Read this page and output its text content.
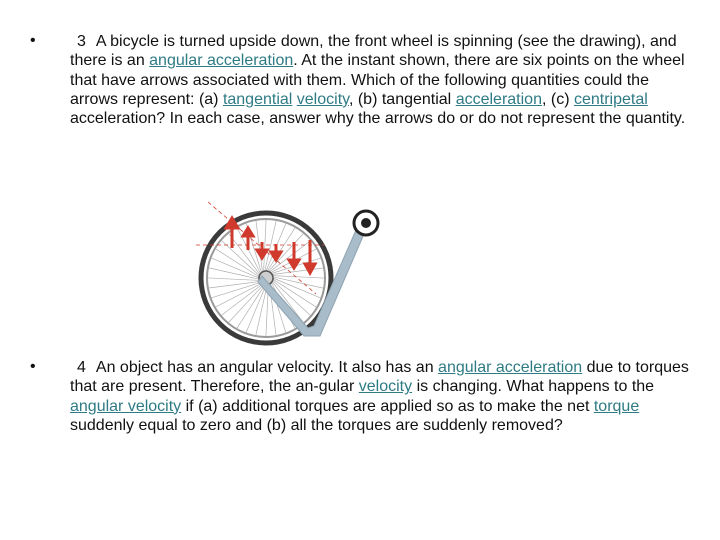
•	3 A bicycle is turned upside down, the front wheel is spinning (see the drawing), and there is an angular acceleration. At the instant shown, there are six points on the wheel that have arrows associated with them. Which of the following quantities could the arrows represent: (a) tangential velocity, (b) tangential acceleration, (c) centripetal acceleration? In each case, answer why the arrows do or do not represent the quantity.

•	4 An object has an angular velocity. It also has an angular acceleration due to torques that are present. Therefore, the an-gular velocity is changing. What happens to the angular velocity if (a) additional torques are applied so as to make the net torque suddenly equal to zero and (b) all the torques are suddenly removed?
